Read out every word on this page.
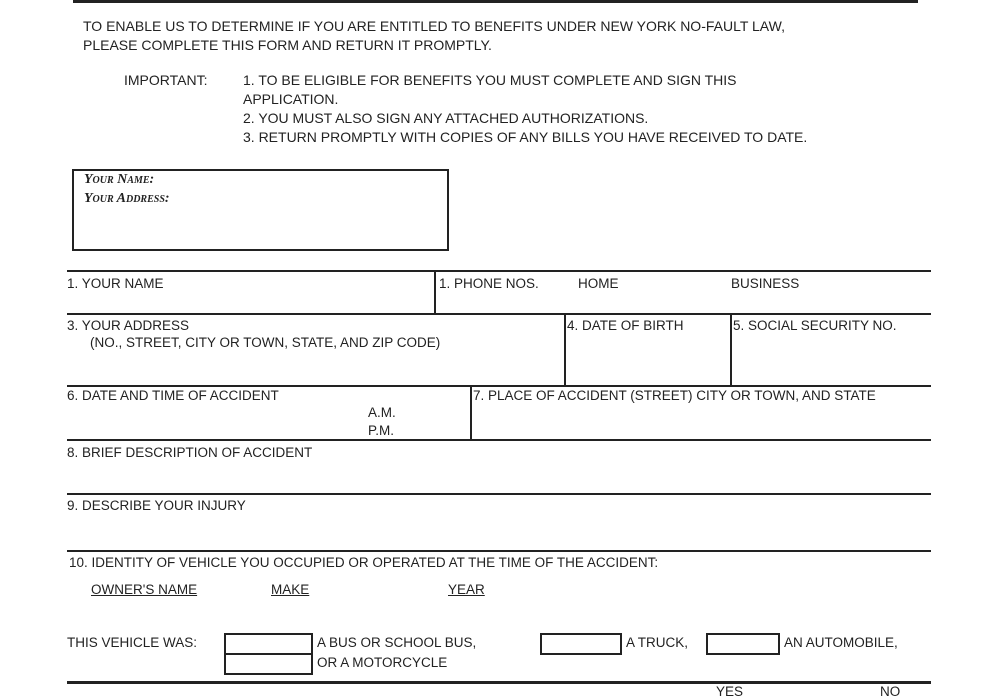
TO ENABLE US TO DETERMINE IF YOU ARE ENTITLED TO BENEFITS UNDER NEW YORK NO-FAULT LAW,
PLEASE COMPLETE THIS FORM AND RETURN IT PROMPTLY.
IMPORTANT:	1. TO BE ELIGIBLE FOR BENEFITS YOU MUST COMPLETE AND SIGN THIS
APPLICATION.
2. YOU MUST ALSO SIGN ANY ATTACHED AUTHORIZATIONS.
3. RETURN PROMPTLY WITH COPIES OF ANY BILLS YOU HAVE RECEIVED TO DATE.
Your Name:
Your Address:
1. YOUR NAME	1. PHONE NOS.	HOME	BUSINESS
3. YOUR ADDRESS
(NO., STREET, CITY OR TOWN, STATE, AND ZIP CODE)
4. DATE OF BIRTH	5. SOCIAL SECURITY NO.
6. DATE AND TIME OF ACCIDENT
A.M.
P.M.
7. PLACE OF ACCIDENT (STREET) CITY OR TOWN, AND STATE
8. BRIEF DESCRIPTION OF ACCIDENT
9. DESCRIBE YOUR INJURY
10. IDENTITY OF VEHICLE YOU OCCUPIED OR OPERATED AT THE TIME OF THE ACCIDENT:
OWNER'S NAME	MAKE	YEAR
THIS VEHICLE WAS:	A BUS OR SCHOOL BUS,
OR A MOTORCYCLE
A TRUCK,	AN AUTOMOBILE,
YES	NO
